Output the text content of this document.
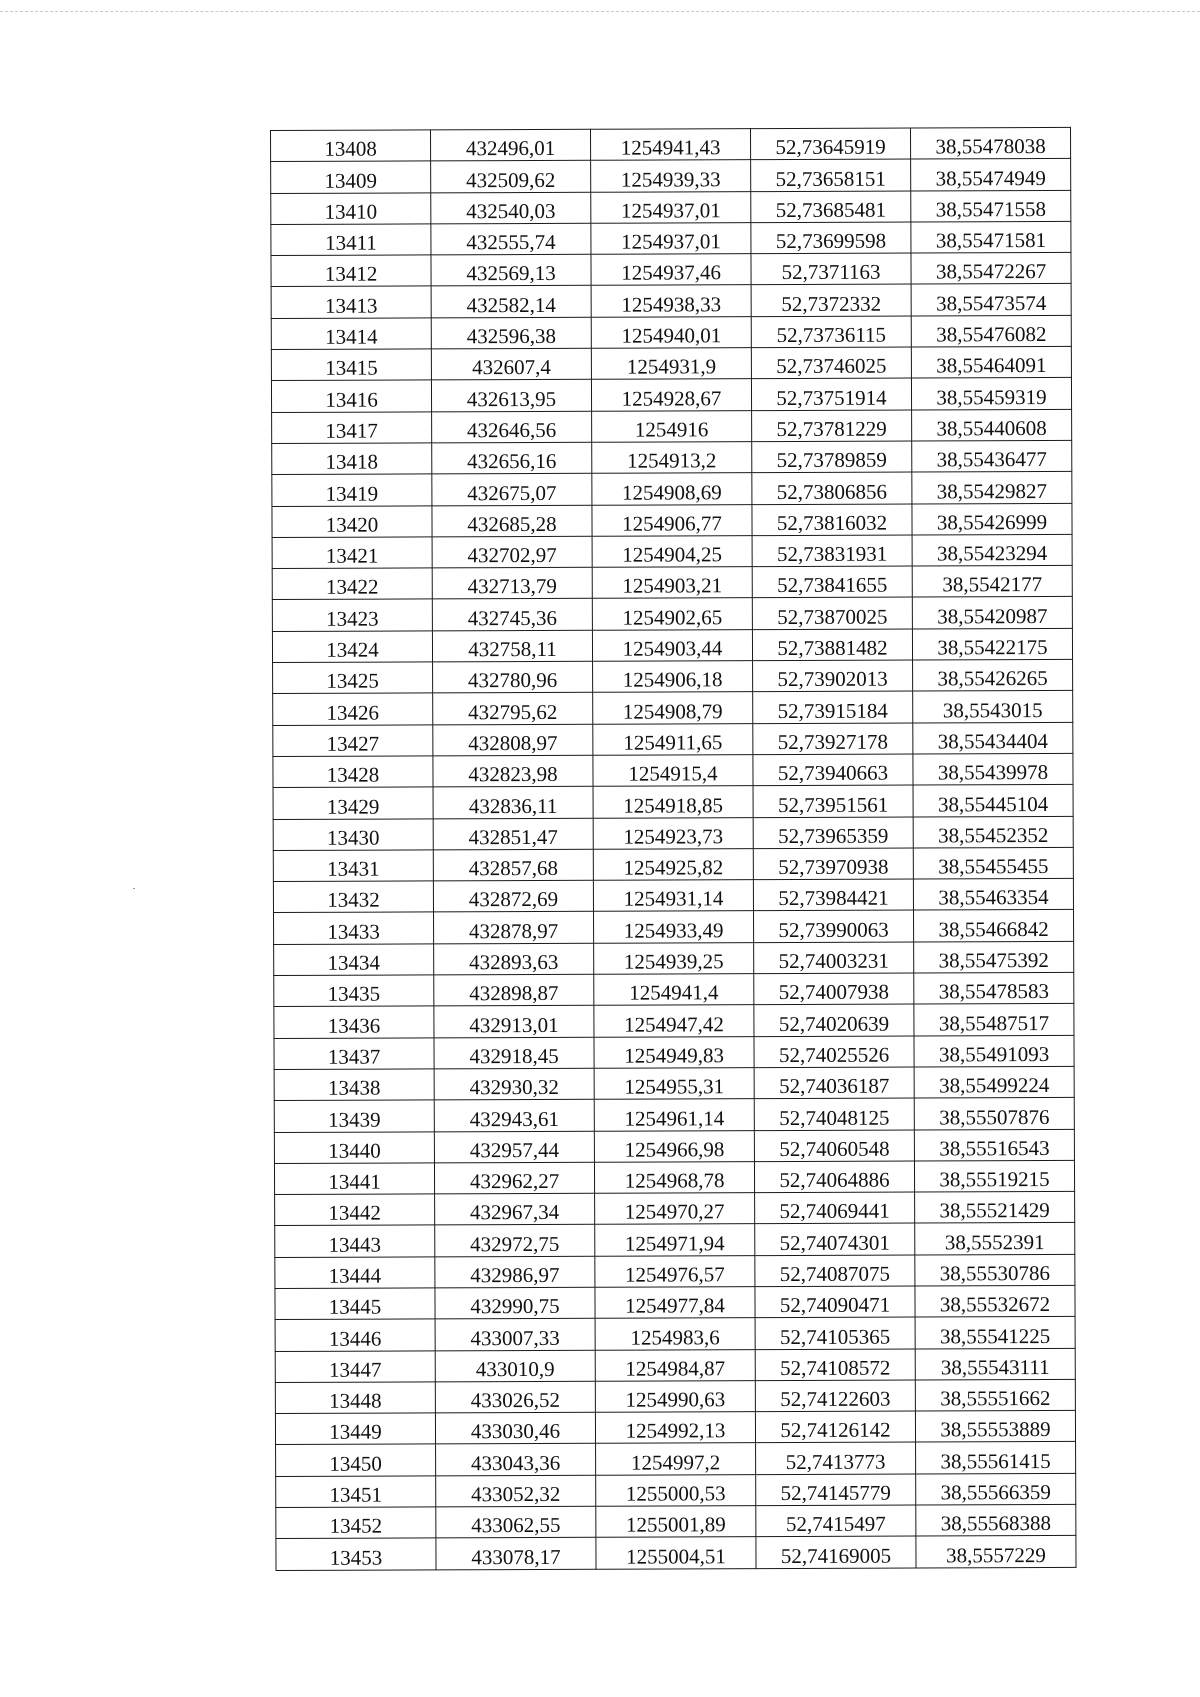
13408	432496,01	1254941,43	52,73645919	38,55478038
13409	432509,62	1254939,33	52,73658151	38,55474949
13410	432540,03	1254937,01	52,73685481	38,55471558
13411	432555,74	1254937,01	52,73699598	38,55471581
13412	432569,13	1254937,46	52,7371163	38,55472267
13413	432582,14	1254938,33	52,7372332	38,55473574
13414	432596,38	1254940,01	52,73736115	38,55476082
13415	432607,4	1254931,9	52,73746025	38,55464091
13416	432613,95	1254928,67	52,73751914	38,55459319
13417	432646,56	1254916	52,73781229	38,55440608
13418	432656,16	1254913,2	52,73789859	38,55436477
13419	432675,07	1254908,69	52,73806856	38,55429827
13420	432685,28	1254906,77	52,73816032	38,55426999
13421	432702,97	1254904,25	52,73831931	38,55423294
13422	432713,79	1254903,21	52,73841655	38,5542177
13423	432745,36	1254902,65	52,73870025	38,55420987
13424	432758,11	1254903,44	52,73881482	38,55422175
13425	432780,96	1254906,18	52,73902013	38,55426265
13426	432795,62	1254908,79	52,73915184	38,5543015
13427	432808,97	1254911,65	52,73927178	38,55434404
13428	432823,98	1254915,4	52,73940663	38,55439978
13429	432836,11	1254918,85	52,73951561	38,55445104
13430	432851,47	1254923,73	52,73965359	38,55452352
13431	432857,68	1254925,82	52,73970938	38,55455455
13432	432872,69	1254931,14	52,73984421	38,55463354
13433	432878,97	1254933,49	52,73990063	38,55466842
13434	432893,63	1254939,25	52,74003231	38,55475392
13435	432898,87	1254941,4	52,74007938	38,55478583
13436	432913,01	1254947,42	52,74020639	38,55487517
13437	432918,45	1254949,83	52,74025526	38,55491093
13438	432930,32	1254955,31	52,74036187	38,55499224
13439	432943,61	1254961,14	52,74048125	38,55507876
13440	432957,44	1254966,98	52,74060548	38,55516543
13441	432962,27	1254968,78	52,74064886	38,55519215
13442	432967,34	1254970,27	52,74069441	38,55521429
13443	432972,75	1254971,94	52,74074301	38,5552391
13444	432986,97	1254976,57	52,74087075	38,55530786
13445	432990,75	1254977,84	52,74090471	38,55532672
13446	433007,33	1254983,6	52,74105365	38,55541225
13447	433010,9	1254984,87	52,74108572	38,55543111
13448	433026,52	1254990,63	52,74122603	38,55551662
13449	433030,46	1254992,13	52,74126142	38,55553889
13450	433043,36	1254997,2	52,7413773	38,55561415
13451	433052,32	1255000,53	52,74145779	38,55566359
13452	433062,55	1255001,89	52,7415497	38,55568388
13453	433078,17	1255004,51	52,74169005	38,5557229
